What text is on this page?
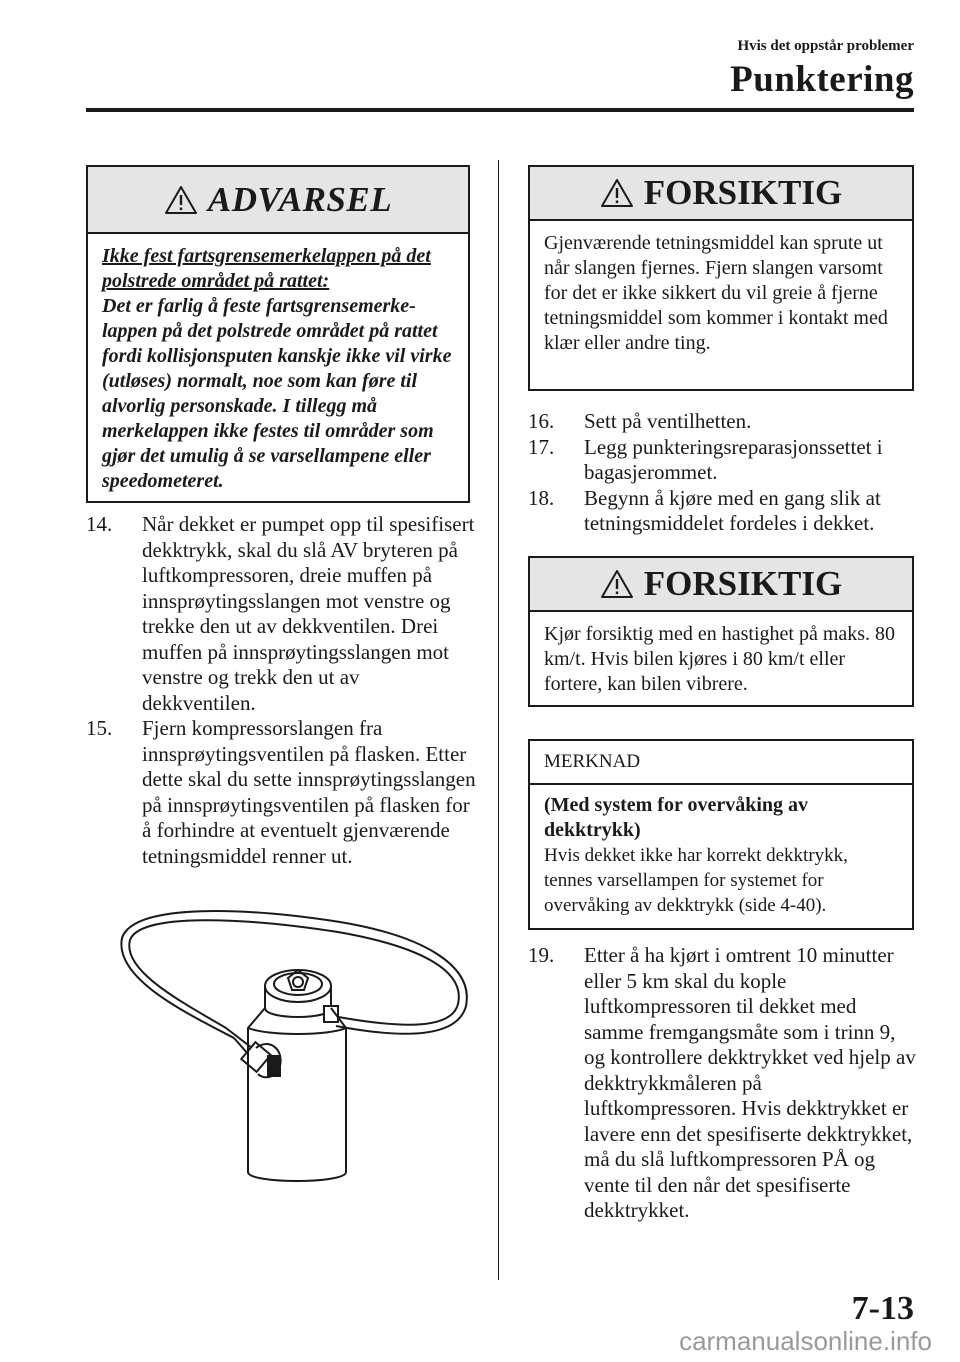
Hvis det oppstår problemer
Punktering
ADVARSEL
Ikke fest fartsgrensemerkelappen på det polstrede området på rattet:
Det er farlig å feste fartsgrensemerke-lappen på det polstrede området på rattet fordi kollisjonsputen kanskje ikke vil virke (utløses) normalt, noe som kan føre til alvorlig personskade. I tillegg må merkelappen ikke festes til områder som gjør det umulig å se varsellampene eller speedometeret.
14.	Når dekket er pumpet opp til spesifisert dekktrykk, skal du slå AV bryteren på luftkompressoren, dreie muffen på innsprøytingsslangen mot venstre og trekke den ut av dekkventilen. Drei muffen på innsprøytingsslangen mot venstre og trekk den ut av dekkventilen.
15.	Fjern kompressorslangen fra innsprøytingsventilen på flasken. Etter dette skal du sette innsprøytingsslangen på innsprøytingsventilen på flasken for å forhindre at eventuelt gjenværende tetningsmiddel renner ut.
FORSIKTIG
Gjenværende tetningsmiddel kan sprute ut når slangen fjernes. Fjern slangen varsomt for det er ikke sikkert du vil greie å fjerne tetningsmiddel som kommer i kontakt med klær eller andre ting.
16.	Sett på ventilhetten.
17.	Legg punkteringsreparasjonssettet i bagasjerommet.
18.	Begynn å kjøre med en gang slik at tetningsmiddelet fordeles i dekket.
FORSIKTIG
Kjør forsiktig med en hastighet på maks. 80 km/t. Hvis bilen kjøres i 80 km/t eller fortere, kan bilen vibrere.
MERKNAD
(Med system for overvåking av dekktrykk)
Hvis dekket ikke har korrekt dekktrykk, tennes varsellampen for systemet for overvåking av dekktrykk (side 4-40).
19.	Etter å ha kjørt i omtrent 10 minutter eller 5 km skal du kople luftkompressoren til dekket med samme fremgangsmåte som i trinn 9, og kontrollere dekktrykket ved hjelp av dekktrykkmåleren på luftkompressoren. Hvis dekktrykket er lavere enn det spesifiserte dekktrykket, må du slå luftkompressoren PÅ og vente til den når det spesifiserte dekktrykket.
7-13
carmanualsonline.info
